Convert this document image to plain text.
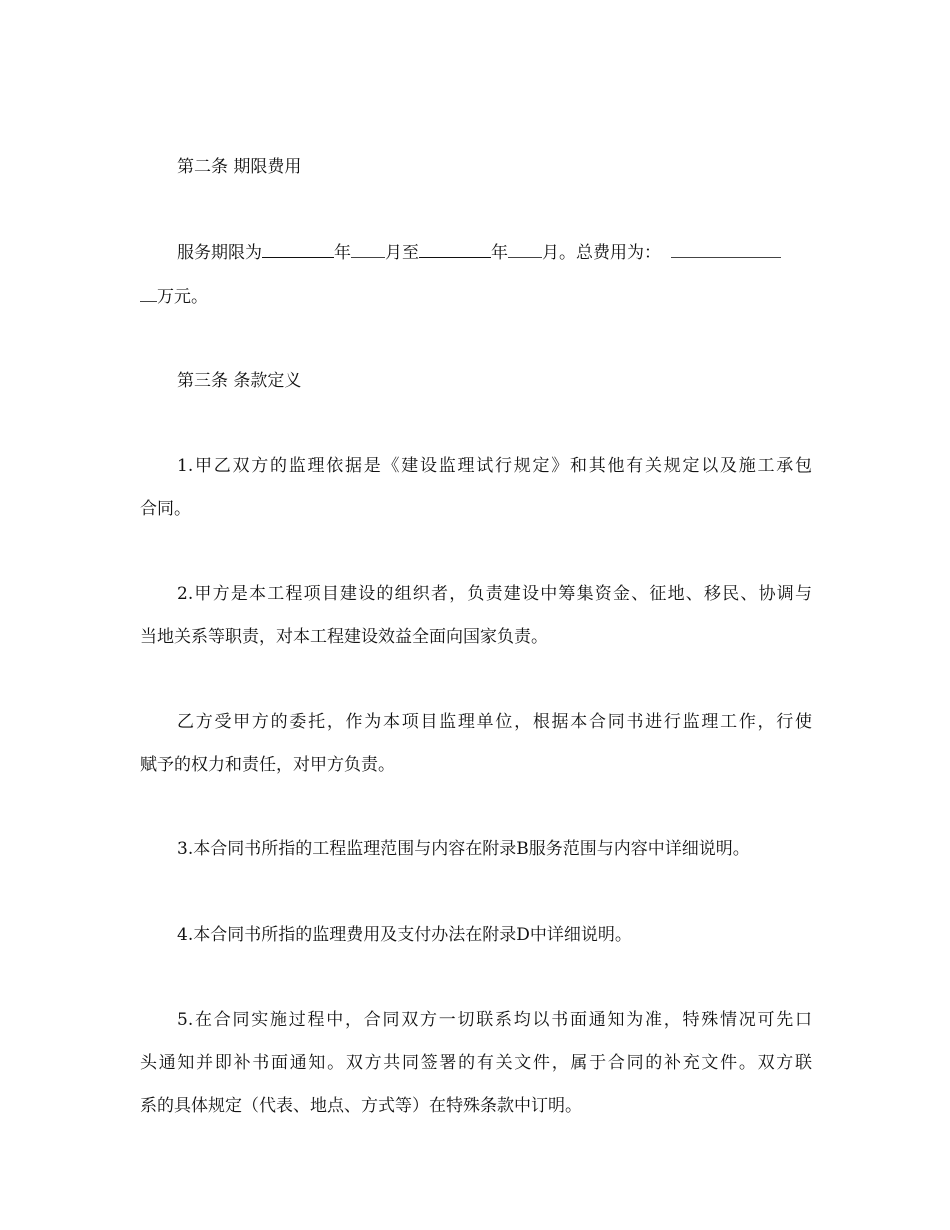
第二条 期限费用
服务期限为	年 月至	年 月。总费用为：
万元。
第三条 条款定义
1.甲乙双方的监理依据是《建设监理试行规定》和其他有关规定以及施工承包
合同。
2.甲方是本工程项目建设的组织者，负责建设中筹集资金、征地、移民、协调与
当地关系等职责，对本工程建设效益全面向国家负责。
乙方受甲方的委托，作为本项目监理单位，根据本合同书进行监理工作，行使
赋予的权力和责任，对甲方负责。
3.本合同书所指的工程监理范围与内容在附录B服务范围与内容中详细说明。
4.本合同书所指的监理费用及支付办法在附录D中详细说明。
5.在合同实施过程中，合同双方一切联系均以书面通知为准，特殊情况可先口
头通知并即补书面通知。双方共同签署的有关文件，属于合同的补充文件。双方联
系的具体规定（代表、地点、方式等）在特殊条款中订明。
